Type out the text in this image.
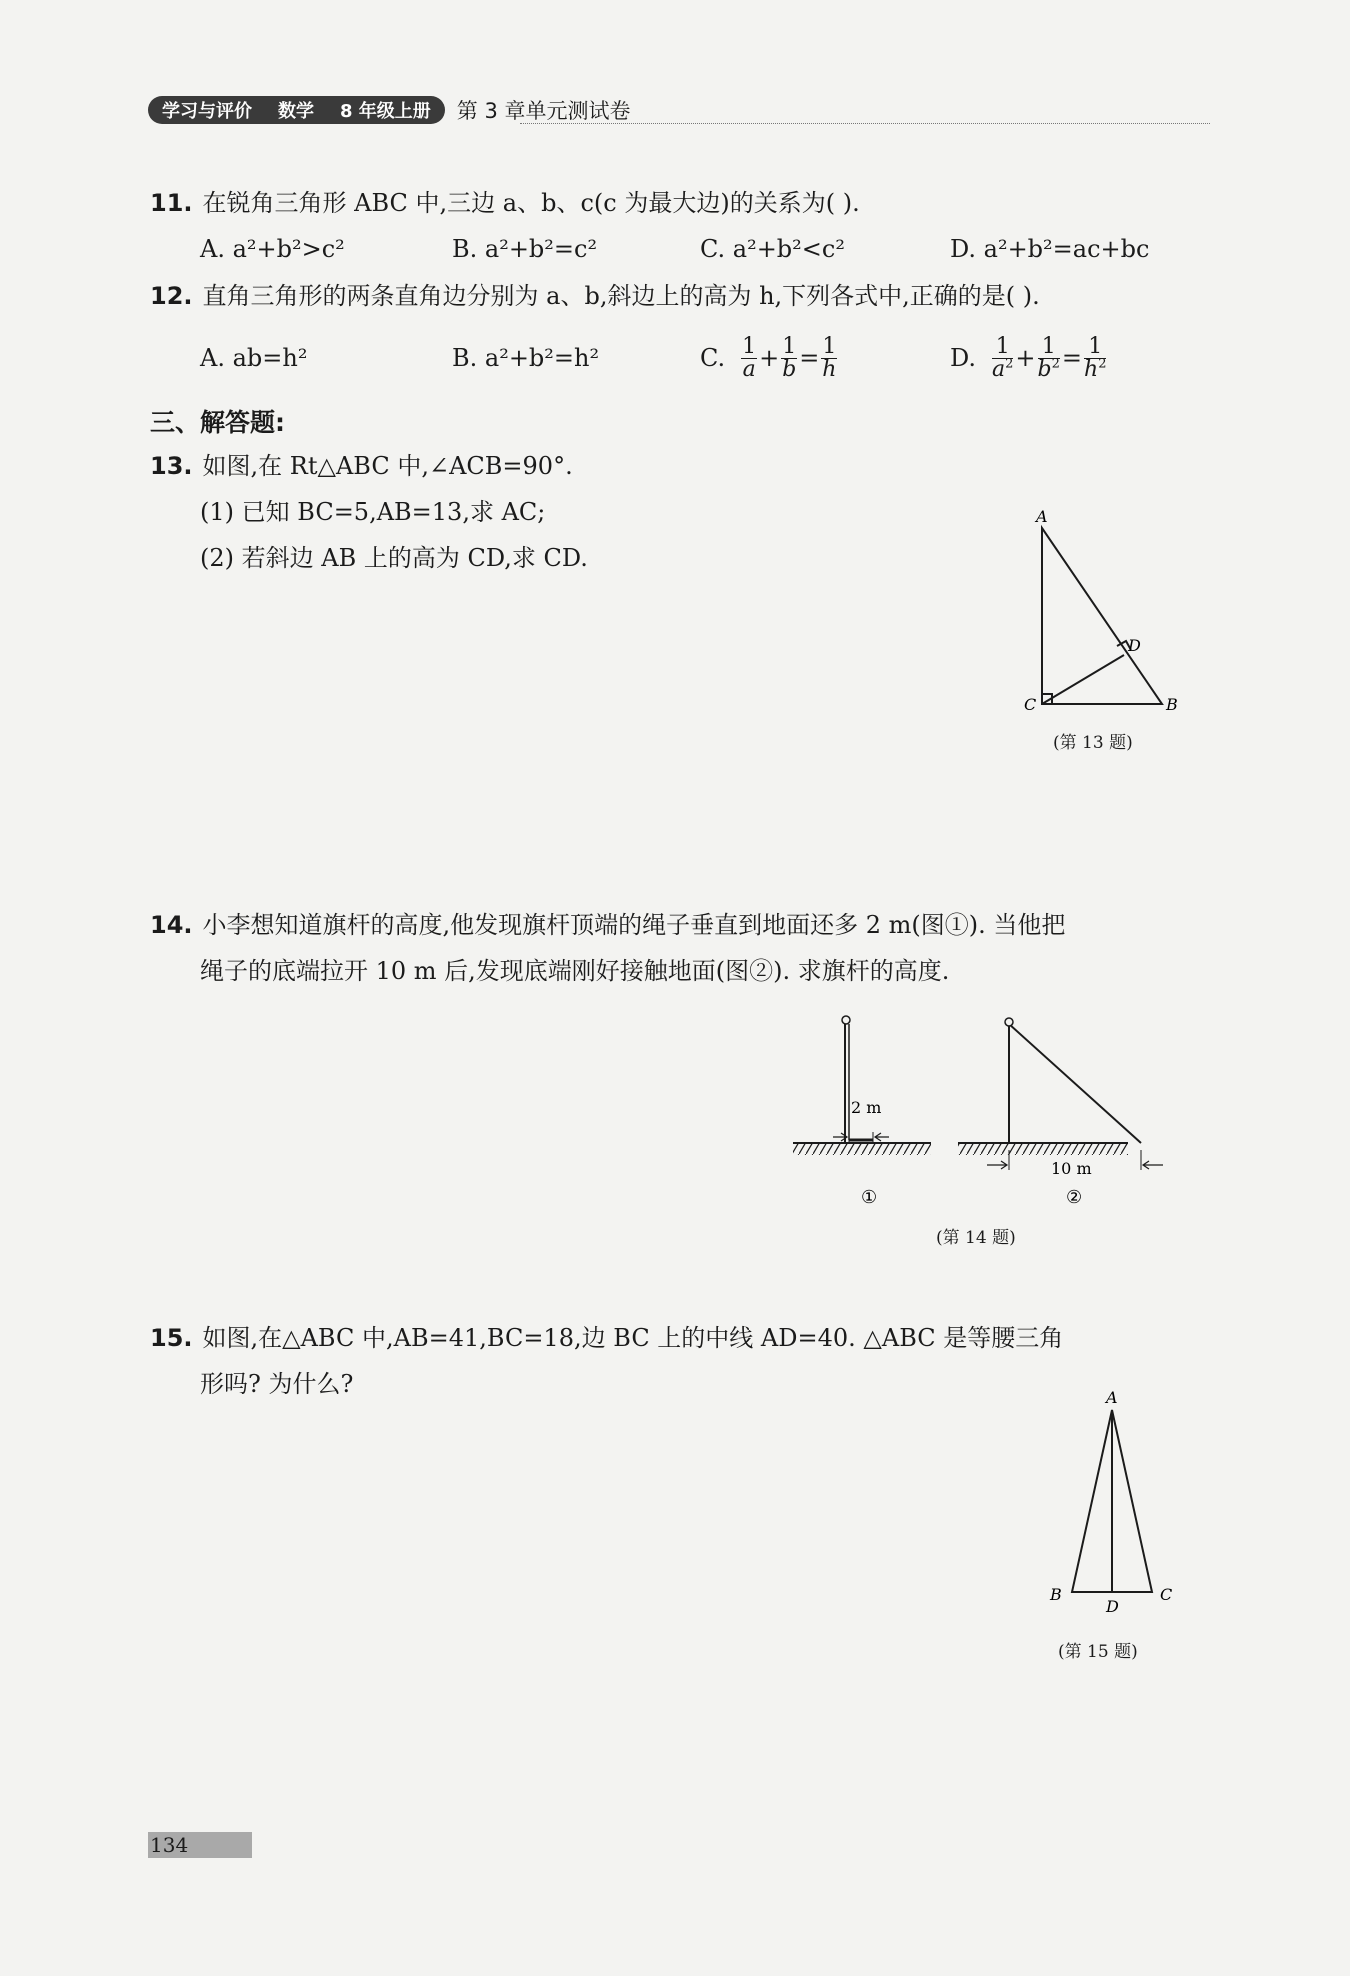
学习与评价 数学 8 年级上册 第 3 章单元测试卷
11. 在锐角三角形 ABC 中,三边 a、b、c(c 为最大边)的关系为( ).
A. a²+b²>c²	B. a²+b²=c²	C. a²+b²<c²	D. a²+b²=ac+bc
12. 直角三角形的两条直角边分别为 a、b,斜边上的高为 h,下列各式中,正确的是( ).
A. ab=h²	B. a²+b²=h²	C. $\frac{1}{a} + \frac{1}{b} = \frac{1}{h}$	D. $\frac{1}{a^2} + \frac{1}{b^2} = \frac{1}{h^2}$
三、解答题:
13. 如图,在 Rt△ABC 中,∠ACB=90°.
(1) 已知 BC=5,AB=13,求 AC;
(2) 若斜边 AB 上的高为 CD,求 CD.
A
D
C	B
(第 13 题)
14. 小李想知道旗杆的高度,他发现旗杆顶端的绳子垂直到地面还多 2 m(图①). 当他把
绳子的底端拉开 10 m 后,发现底端刚好接触地面(图②). 求旗杆的高度.
2 m
①
10 m
②
(第 14 题)
15. 如图,在△ABC 中,AB=41,BC=18,边 BC 上的中线 AD=40. △ABC 是等腰三角
形吗? 为什么?	A
B	C
D
(第 15 题)
134
